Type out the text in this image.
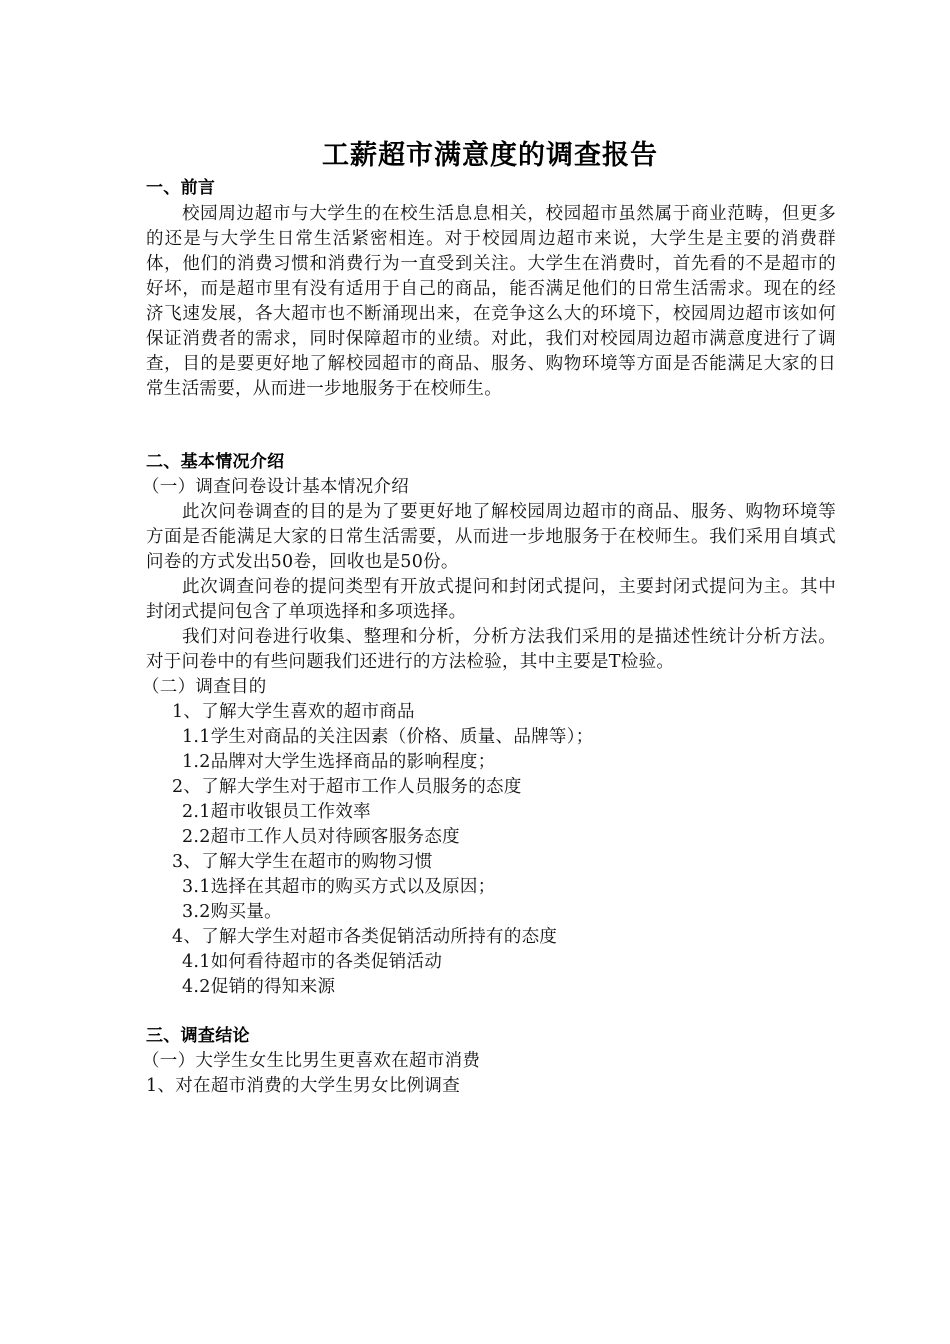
工薪超市满意度的调查报告
一、前言

校园周边超市与大学生的在校生活息息相关，校园超市虽然属于商业范畴，但更多的还是与大学生日常生活紧密相连。对于校园周边超市来说，大学生是主要的消费群体，他们的消费习惯和消费行为一直受到关注。大学生在消费时，首先看的不是超市的好坏，而是超市里有没有适用于自己的商品，能否满足他们的日常生活需求。现在的经济飞速发展，各大超市也不断涌现出来，在竞争这么大的环境下，校园周边超市该如何保证消费者的需求，同时保障超市的业绩。对此，我们对校园周边超市满意度进行了调查，目的是要更好地了解校园超市的商品、服务、购物环境等方面是否能满足大家的日常生活需要，从而进一步地服务于在校师生。

二、基本情况介绍
（一）调查问卷设计基本情况介绍

此次问卷调查的目的是为了要更好地了解校园周边超市的商品、服务、购物环境等方面是否能满足大家的日常生活需要，从而进一步地服务于在校师生。我们采用自填式问卷的方式发出50卷，回收也是50份。

此次调查问卷的提问类型有开放式提问和封闭式提问，主要封闭式提问为主。其中封闭式提问包含了单项选择和多项选择。

我们对问卷进行收集、整理和分析，分析方法我们采用的是描述性统计分析方法。对于问卷中的有些问题我们还进行的方法检验，其中主要是T检验。

（二）调查目的
1、了解大学生喜欢的超市商品
1.1学生对商品的关注因素（价格、质量、品牌等）；
1.2品牌对大学生选择商品的影响程度；
2、了解大学生对于超市工作人员服务的态度
2.1超市收银员工作效率
2.2超市工作人员对待顾客服务态度
3、了解大学生在超市的购物习惯
3.1选择在其超市的购买方式以及原因；
3.2购买量。
4、了解大学生对超市各类促销活动所持有的态度
4.1如何看待超市的各类促销活动
4.2促销的得知来源
三、调查结论
（一）大学生女生比男生更喜欢在超市消费
1、对在超市消费的大学生男女比例调查
